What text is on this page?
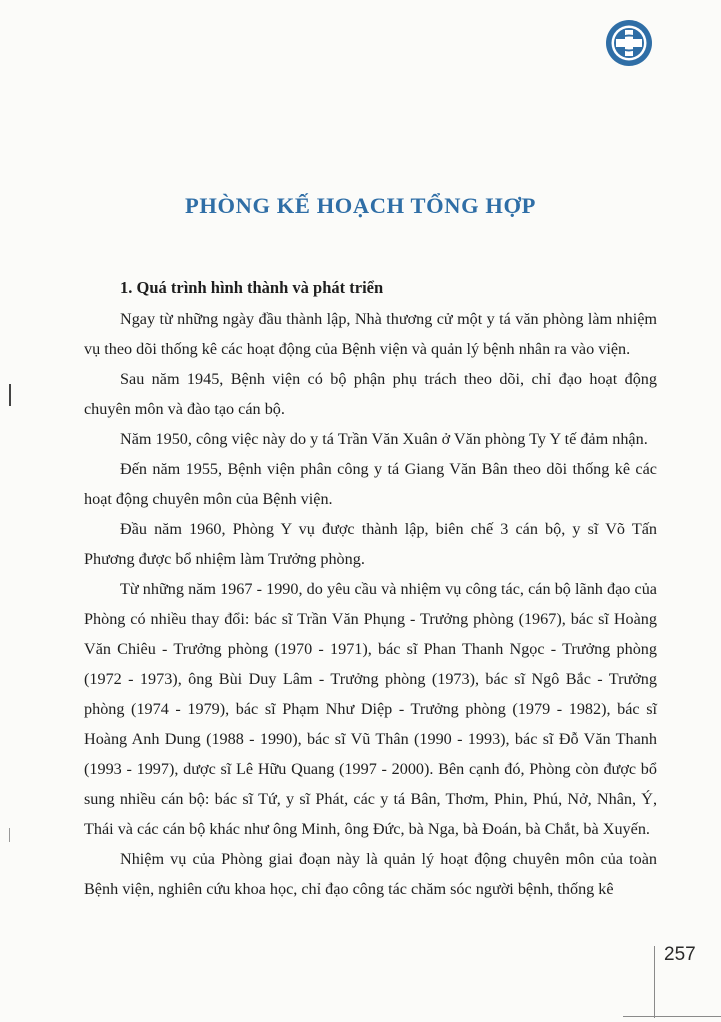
PHÒNG KẾ HOẠCH TỔNG HỢP
1. Quá trình hình thành và phát triển

Ngay từ những ngày đầu thành lập, Nhà thương cử một y tá văn phòng làm nhiệm vụ theo dõi thống kê các hoạt động của Bệnh viện và quản lý bệnh nhân ra vào viện.

Sau năm 1945, Bệnh viện có bộ phận phụ trách theo dõi, chỉ đạo hoạt động chuyên môn và đào tạo cán bộ.

Năm 1950, công việc này do y tá Trần Văn Xuân ở Văn phòng Ty Y tế đảm nhận.

Đến năm 1955, Bệnh viện phân công y tá Giang Văn Bân theo dõi thống kê các hoạt động chuyên môn của Bệnh viện.

Đầu năm 1960, Phòng Y vụ được thành lập, biên chế 3 cán bộ, y sĩ Võ Tấn Phương được bổ nhiệm làm Trưởng phòng.

Từ những năm 1967 - 1990, do yêu cầu và nhiệm vụ công tác, cán bộ lãnh đạo của Phòng có nhiều thay đổi: bác sĩ Trần Văn Phụng - Trưởng phòng (1967), bác sĩ Hoàng Văn Chiêu - Trưởng phòng (1970 - 1971), bác sĩ Phan Thanh Ngọc - Trưởng phòng (1972 - 1973), ông Bùi Duy Lâm - Trưởng phòng (1973), bác sĩ Ngô Bắc - Trưởng phòng (1974 - 1979), bác sĩ Phạm Như Diệp - Trưởng phòng (1979 - 1982), bác sĩ Hoàng Anh Dung (1988 - 1990), bác sĩ Vũ Thân (1990 - 1993), bác sĩ Đỗ Văn Thanh (1993 - 1997), dược sĩ Lê Hữu Quang (1997 - 2000). Bên cạnh đó, Phòng còn được bổ sung nhiều cán bộ: bác sĩ Tứ, y sĩ Phát, các y tá Bân, Thơm, Phin, Phú, Nở, Nhân, Ý, Thái và các cán bộ khác như ông Minh, ông Đức, bà Nga, bà Đoán, bà Chắt, bà Xuyến.

Nhiệm vụ của Phòng giai đoạn này là quản lý hoạt động chuyên môn của toàn Bệnh viện, nghiên cứu khoa học, chỉ đạo công tác chăm sóc người bệnh, thống kê

257
